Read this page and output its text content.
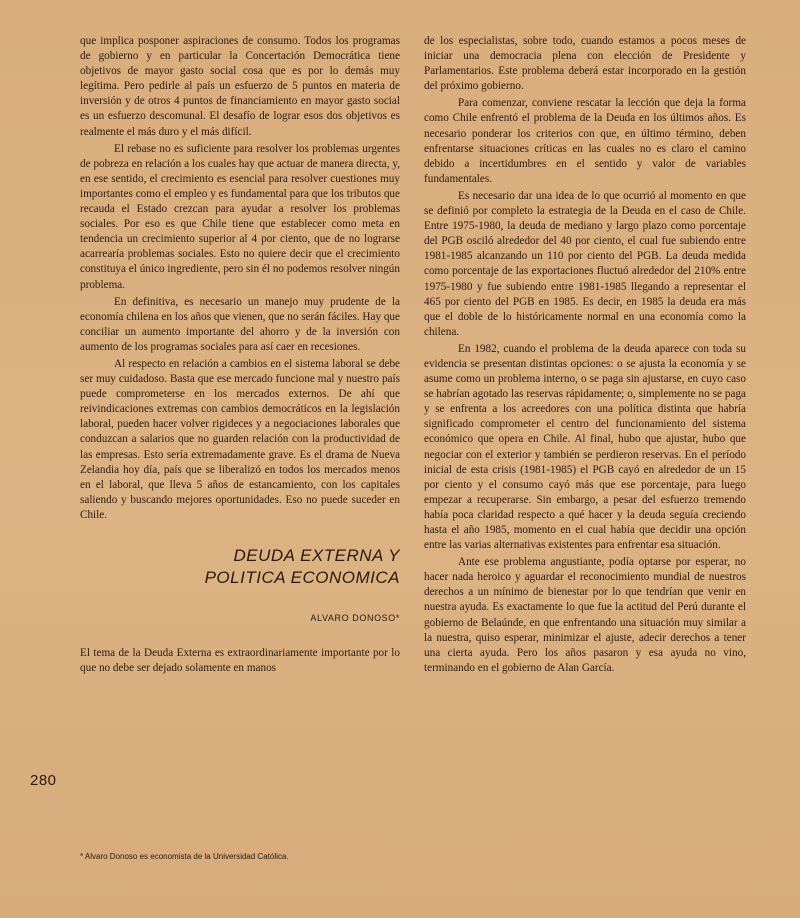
que implica posponer aspiraciones de consumo. Todos los programas de gobierno y en particular la Concertación Democrática tiene objetivos de mayor gasto social cosa que es por lo demás muy legítima. Pero pedirle al país un esfuerzo de 5 puntos en materia de inversión y de otros 4 puntos de financiamiento en mayor gasto social es un esfuerzo descomunal. El desafío de lograr esos dos objetivos es realmente el más duro y el más difícil.

El rebase no es suficiente para resolver los problemas urgentes de pobreza en relación a los cuales hay que actuar de manera directa, y, en ese sentido, el crecimiento es esencial para resolver cuestiones muy importantes como el empleo y es fundamental para que los tributos que recauda el Estado crezcan para ayudar a resolver los problemas sociales. Por eso es que Chile tiene que establecer como meta en tendencia un crecimiento superior al 4 por ciento, que de no lograrse acarrearía problemas sociales. Esto no quiere decir que el crecimiento constituya el único ingrediente, pero sin él no podemos resolver ningún problema.

En definitiva, es necesario un manejo muy prudente de la economía chilena en los años que vienen, que no serán fáciles. Hay que conciliar un aumento importante del ahorro y de la inversión con aumento de los programas sociales para así caer en recesiones.

Al respecto en relación a cambios en el sistema laboral se debe ser muy cuidadoso. Basta que ese mercado funcione mal y nuestro país puede comprometerse en los mercados externos. De ahí que reivindicaciones extremas con cambios democráticos en la legislación laboral, pueden hacer volver rigideces y a negociaciones laborales que conduzcan a salarios que no guarden relación con la productividad de las empresas. Esto sería extremadamente grave. Es el drama de Nueva Zelandia hoy día, país que se liberalizó en todos los mercados menos en el laboral, que lleva 5 años de estancamiento, con los capitales saliendo y buscando mejores oportunidades. Eso no puede suceder en Chile.

DEUDA EXTERNA Y
POLITICA ECONOMICA
ALVARO DONOSO*

El tema de la Deuda Externa es extraordinariamente importante por lo que no debe ser dejado solamente en manos

de los especialistas, sobre todo, cuando estamos a pocos meses de iniciar una democracia plena con elección de Presidente y Parlamentarios. Este problema deberá estar incorporado en la gestión del próximo gobierno.

Para comenzar, conviene rescatar la lección que deja la forma como Chile enfrentó el problema de la Deuda en los últimos años. Es necesario ponderar los criterios con que, en último término, deben enfrentarse situaciones críticas en las cuales no es claro el camino debido a incertidumbres en el sentido y valor de variables fundamentales.

Es necesario dar una idea de lo que ocurrió al momento en que se definió por completo la estrategia de la Deuda en el caso de Chile. Entre 1975-1980, la deuda de mediano y largo plazo como porcentaje del PGB osciló alrededor del 40 por ciento, el cual fue subiendo entre 1981-1985 alcanzando un 110 por ciento del PGB. La deuda medida como porcentaje de las exportaciones fluctuó alrededor del 210% entre 1975-1980 y fue subiendo entre 1981-1985 llegando a representar el 465 por ciento del PGB en 1985. Es decir, en 1985 la deuda era más que el doble de lo históricamente normal en una economía como la chilena.

En 1982, cuando el problema de la deuda aparece con toda su evidencia se presentan distintas opciones: o se ajusta la economía y se asume como un problema interno, o se paga sin ajustarse, en cuyo caso se habrían agotado las reservas rápidamente; o, simplemente no se paga y se enfrenta a los acreedores con una política distinta que habría significado comprometer el centro del funcionamiento del sistema económico que opera en Chile. Al final, hubo que ajustar, hubo que negociar con el exterior y también se perdieron reservas. En el período inicial de esta crisis (1981-1985) el PGB cayó en alrededor de un 15 por ciento y el consumo cayó más que ese porcentaje, para luego empezar a recuperarse. Sin embargo, a pesar del esfuerzo tremendo había poca claridad respecto a qué hacer y la deuda seguía creciendo hasta el año 1985, momento en el cual había que decidir una opción entre las varias alternativas existentes para enfrentar esa situación.

Ante ese problema angustiante, podía optarse por esperar, no hacer nada heroico y aguardar el reconocimiento mundial de nuestros derechos a un mínimo de bienestar por lo que tendrían que venir en nuestra ayuda. Es exactamente lo que fue la actitud del Perú durante el gobierno de Belaúnde, en que enfrentando una situación muy similar a la nuestra, quiso esperar, minimizar el ajuste, adecir derechos a tener una cierta ayuda. Pero los años pasaron y esa ayuda no vino, terminando en el gobierno de Alan García.

280
* Alvaro Donoso es economista de la Universidad Católica.
